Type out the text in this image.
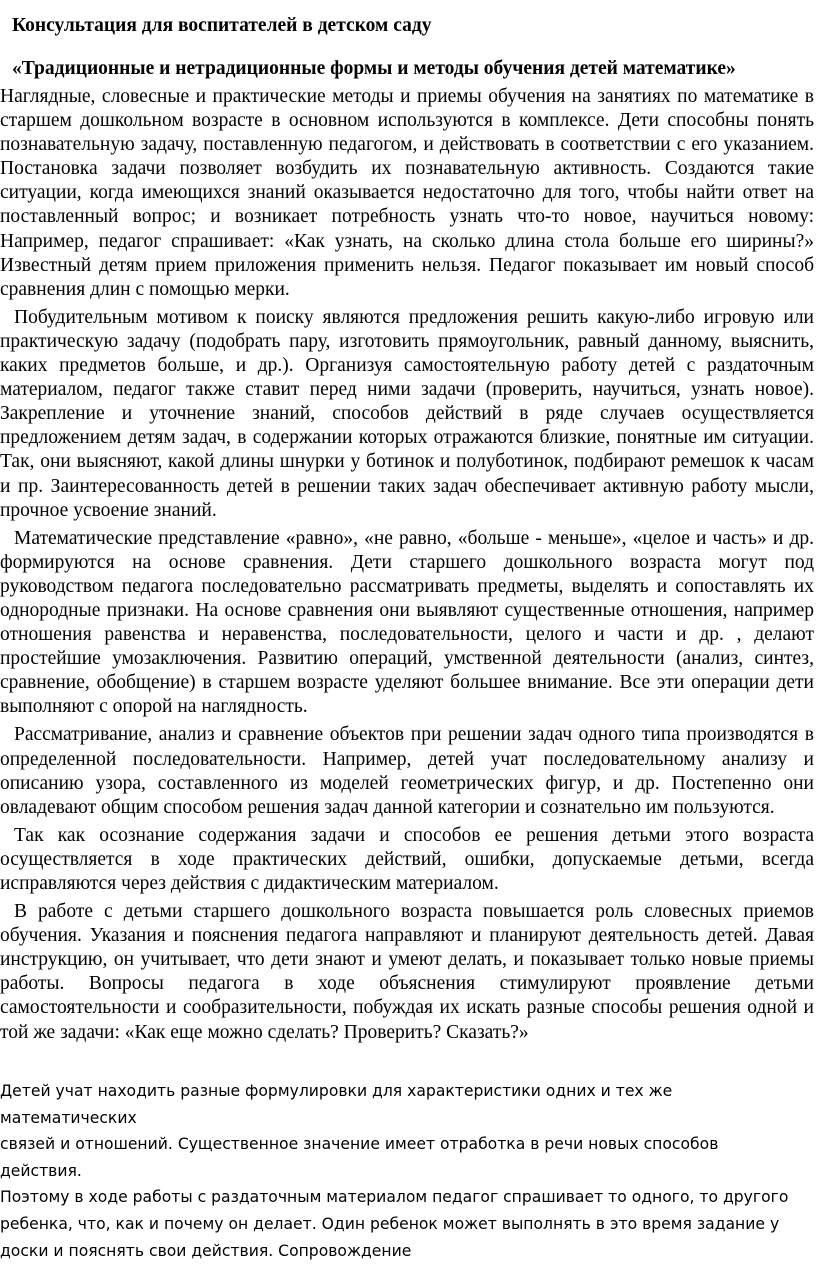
Консультация для воспитателей в детском саду
«Традиционные и нетрадиционные формы и методы обучения детей математике»

Наглядные, словесные и практические методы и приемы обучения на занятиях по математике в старшем дошкольном возрасте в основном используются в комплексе. Дети способны понять познавательную задачу, поставленную педагогом, и действовать в соответствии с его указанием. Постановка задачи позволяет возбудить их познавательную активность. Создаются такие ситуации, когда имеющихся знаний оказывается недостаточно для того, чтобы найти ответ на поставленный вопрос; и возникает потребность узнать что-то новое, научиться новому: Например, педагог спрашивает: «Как узнать, на сколько длина стола больше его ширины?» Известный детям прием приложения применить нельзя. Педагог показывает им новый способ сравнения длин с помощью мерки.

Побудительным мотивом к поиску являются предложения решить какую-либо игровую или практическую задачу (подобрать пару, изготовить прямоугольник, равный данному, выяснить, каких предметов больше, и др.). Организуя самостоятельную работу детей с раздаточным материалом, педагог также ставит перед ними задачи (проверить, научиться, узнать новое). Закрепление и уточнение знаний, способов действий в ряде случаев осуществляется предложением детям задач, в содержании которых отражаются близкие, понятные им ситуации. Так, они выясняют, какой длины шнурки у ботинок и полуботинок, подбирают ремешок к часам и пр. Заинтересованность детей в решении таких задач обеспечивает активную работу мысли, прочное усвоение знаний.

Математические представление «равно», «не равно, «больше - меньше», «целое и часть» и др. формируются на основе сравнения. Дети старшего дошкольного возраста могут под руководством педагога последовательно рассматривать предметы, выделять и сопоставлять их однородные признаки. На основе сравнения они выявляют существенные отношения, например отношения равенства и неравенства, последовательности, целого и части и др. , делают простейшие умозаключения. Развитию операций, умственной деятельности (анализ, синтез, сравнение, обобщение) в старшем возрасте уделяют большее внимание. Все эти операции дети выполняют с опорой на наглядность.

Рассматривание, анализ и сравнение объектов при решении задач одного типа производятся в определенной последовательности. Например, детей учат последовательному анализу и описанию узора, составленного из моделей геометрических фигур, и др. Постепенно они овладевают общим способом решения задач данной категории и сознательно им пользуются.

Так как осознание содержания задачи и способов ее решения детьми этого возраста осуществляется в ходе практических действий, ошибки, допускаемые детьми, всегда исправляются через действия с дидактическим материалом.

В работе с детьми старшего дошкольного возраста повышается роль словесных приемов обучения. Указания и пояснения педагога направляют и планируют деятельность детей. Давая инструкцию, он учитывает, что дети знают и умеют делать, и показывает только новые приемы работы. Вопросы педагога в ходе объяснения стимулируют проявление детьми самостоятельности и сообразительности, побуждая их искать разные способы решения одной и той же задачи: «Как еще можно сделать? Проверить? Сказать?»

Детей учат находить разные формулировки для характеристики одних и тех же математических

связей и отношений. Существенное значение имеет отработка в речи новых способов действия.

Поэтому в ходе работы с раздаточным материалом педагог спрашивает то одного, то другого

ребенка, что, как и почему он делает. Один ребенок может выполнять в это время задание у

доски и пояснять свои действия. Сопровождение
